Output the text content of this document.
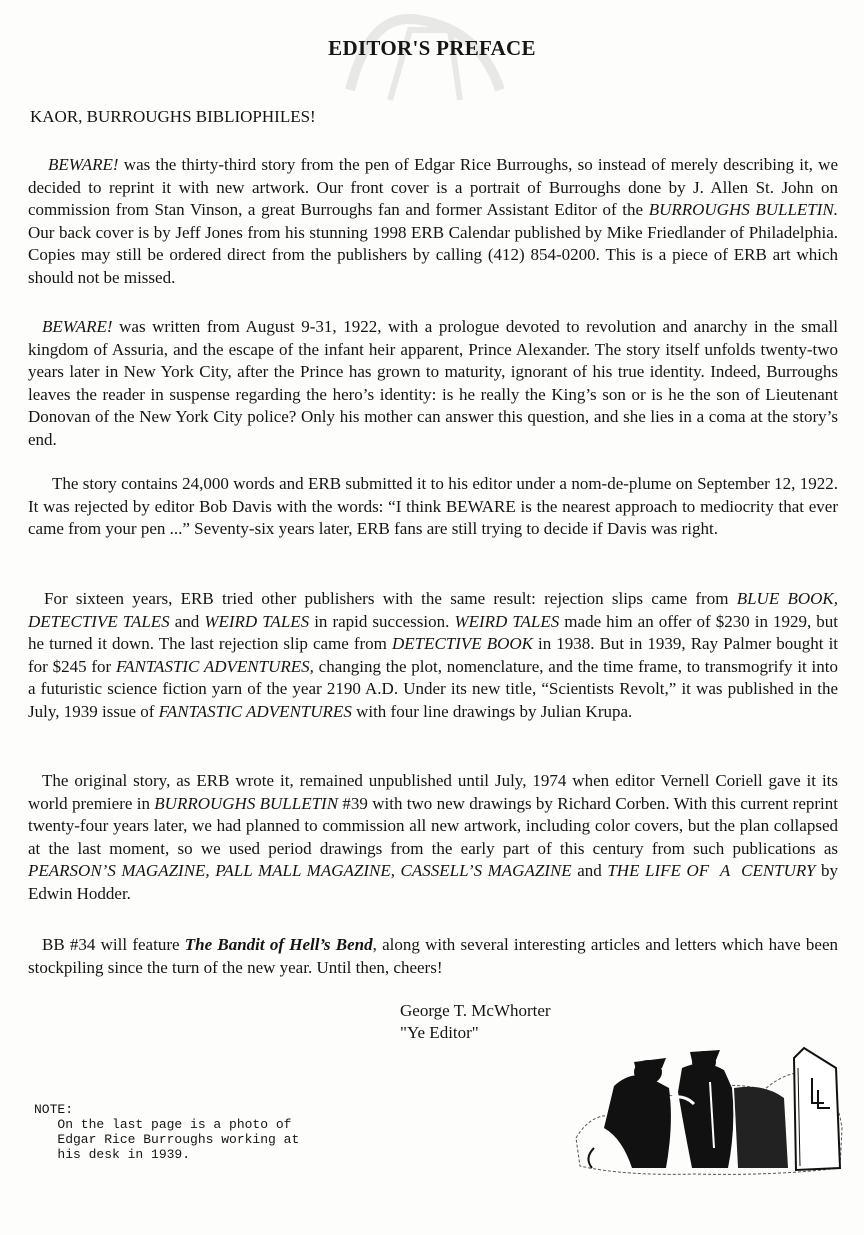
EDITOR'S PREFACE
KAOR, BURROUGHS BIBLIOPHILES!
BEWARE! was the thirty-third story from the pen of Edgar Rice Burroughs, so instead of merely describing it, we decided to reprint it with new artwork. Our front cover is a portrait of Burroughs done by J. Allen St. John on commission from Stan Vinson, a great Burroughs fan and former Assistant Editor of the BURROUGHS BULLETIN. Our back cover is by Jeff Jones from his stunning 1998 ERB Calendar published by Mike Friedlander of Philadelphia. Copies may still be ordered direct from the publishers by calling (412) 854-0200. This is a piece of ERB art which should not be missed.
BEWARE! was written from August 9-31, 1922, with a prologue devoted to revolution and anarchy in the small kingdom of Assuria, and the escape of the infant heir apparent, Prince Alexander. The story itself unfolds twenty-two years later in New York City, after the Prince has grown to maturity, ignorant of his true identity. Indeed, Burroughs leaves the reader in suspense regarding the hero’s identity: is he really the King’s son or is he the son of Lieutenant Donovan of the New York City police? Only his mother can answer this question, and she lies in a coma at the story’s end.
The story contains 24,000 words and ERB submitted it to his editor under a nom-de-plume on September 12, 1922. It was rejected by editor Bob Davis with the words: “I think BEWARE is the nearest approach to mediocrity that ever came from your pen ...” Seventy-six years later, ERB fans are still trying to decide if Davis was right.
For sixteen years, ERB tried other publishers with the same result: rejection slips came from BLUE BOOK, DETECTIVE TALES and WEIRD TALES in rapid succession. WEIRD TALES made him an offer of $230 in 1929, but he turned it down. The last rejection slip came from DETECTIVE BOOK in 1938. But in 1939, Ray Palmer bought it for $245 for FANTASTIC ADVENTURES, changing the plot, nomenclature, and the time frame, to transmogrify it into a futuristic science fiction yarn of the year 2190 A.D. Under its new title, “Scientists Revolt,” it was published in the July, 1939 issue of FANTASTIC ADVENTURES with four line drawings by Julian Krupa.
The original story, as ERB wrote it, remained unpublished until July, 1974 when editor Vernell Coriell gave it its world premiere in BURROUGHS BULLETIN #39 with two new drawings by Richard Corben. With this current reprint twenty-four years later, we had planned to commission all new artwork, including color covers, but the plan collapsed at the last moment, so we used period drawings from the early part of this century from such publications as PEARSON’S MAGAZINE, PALL MALL MAGAZINE, CASSELL’S MAGAZINE and THE LIFE OF  A  CENTURY by Edwin Hodder.
BB #34 will feature The Bandit of Hell’s Bend, along with several interesting articles and letters which have been stockpiling since the turn of the new year. Until then, cheers!
George T. McWhorter
"Ye Editor"
NOTE:
On the last page is a photo of
Edgar Rice Burroughs working at
his desk in 1939.
